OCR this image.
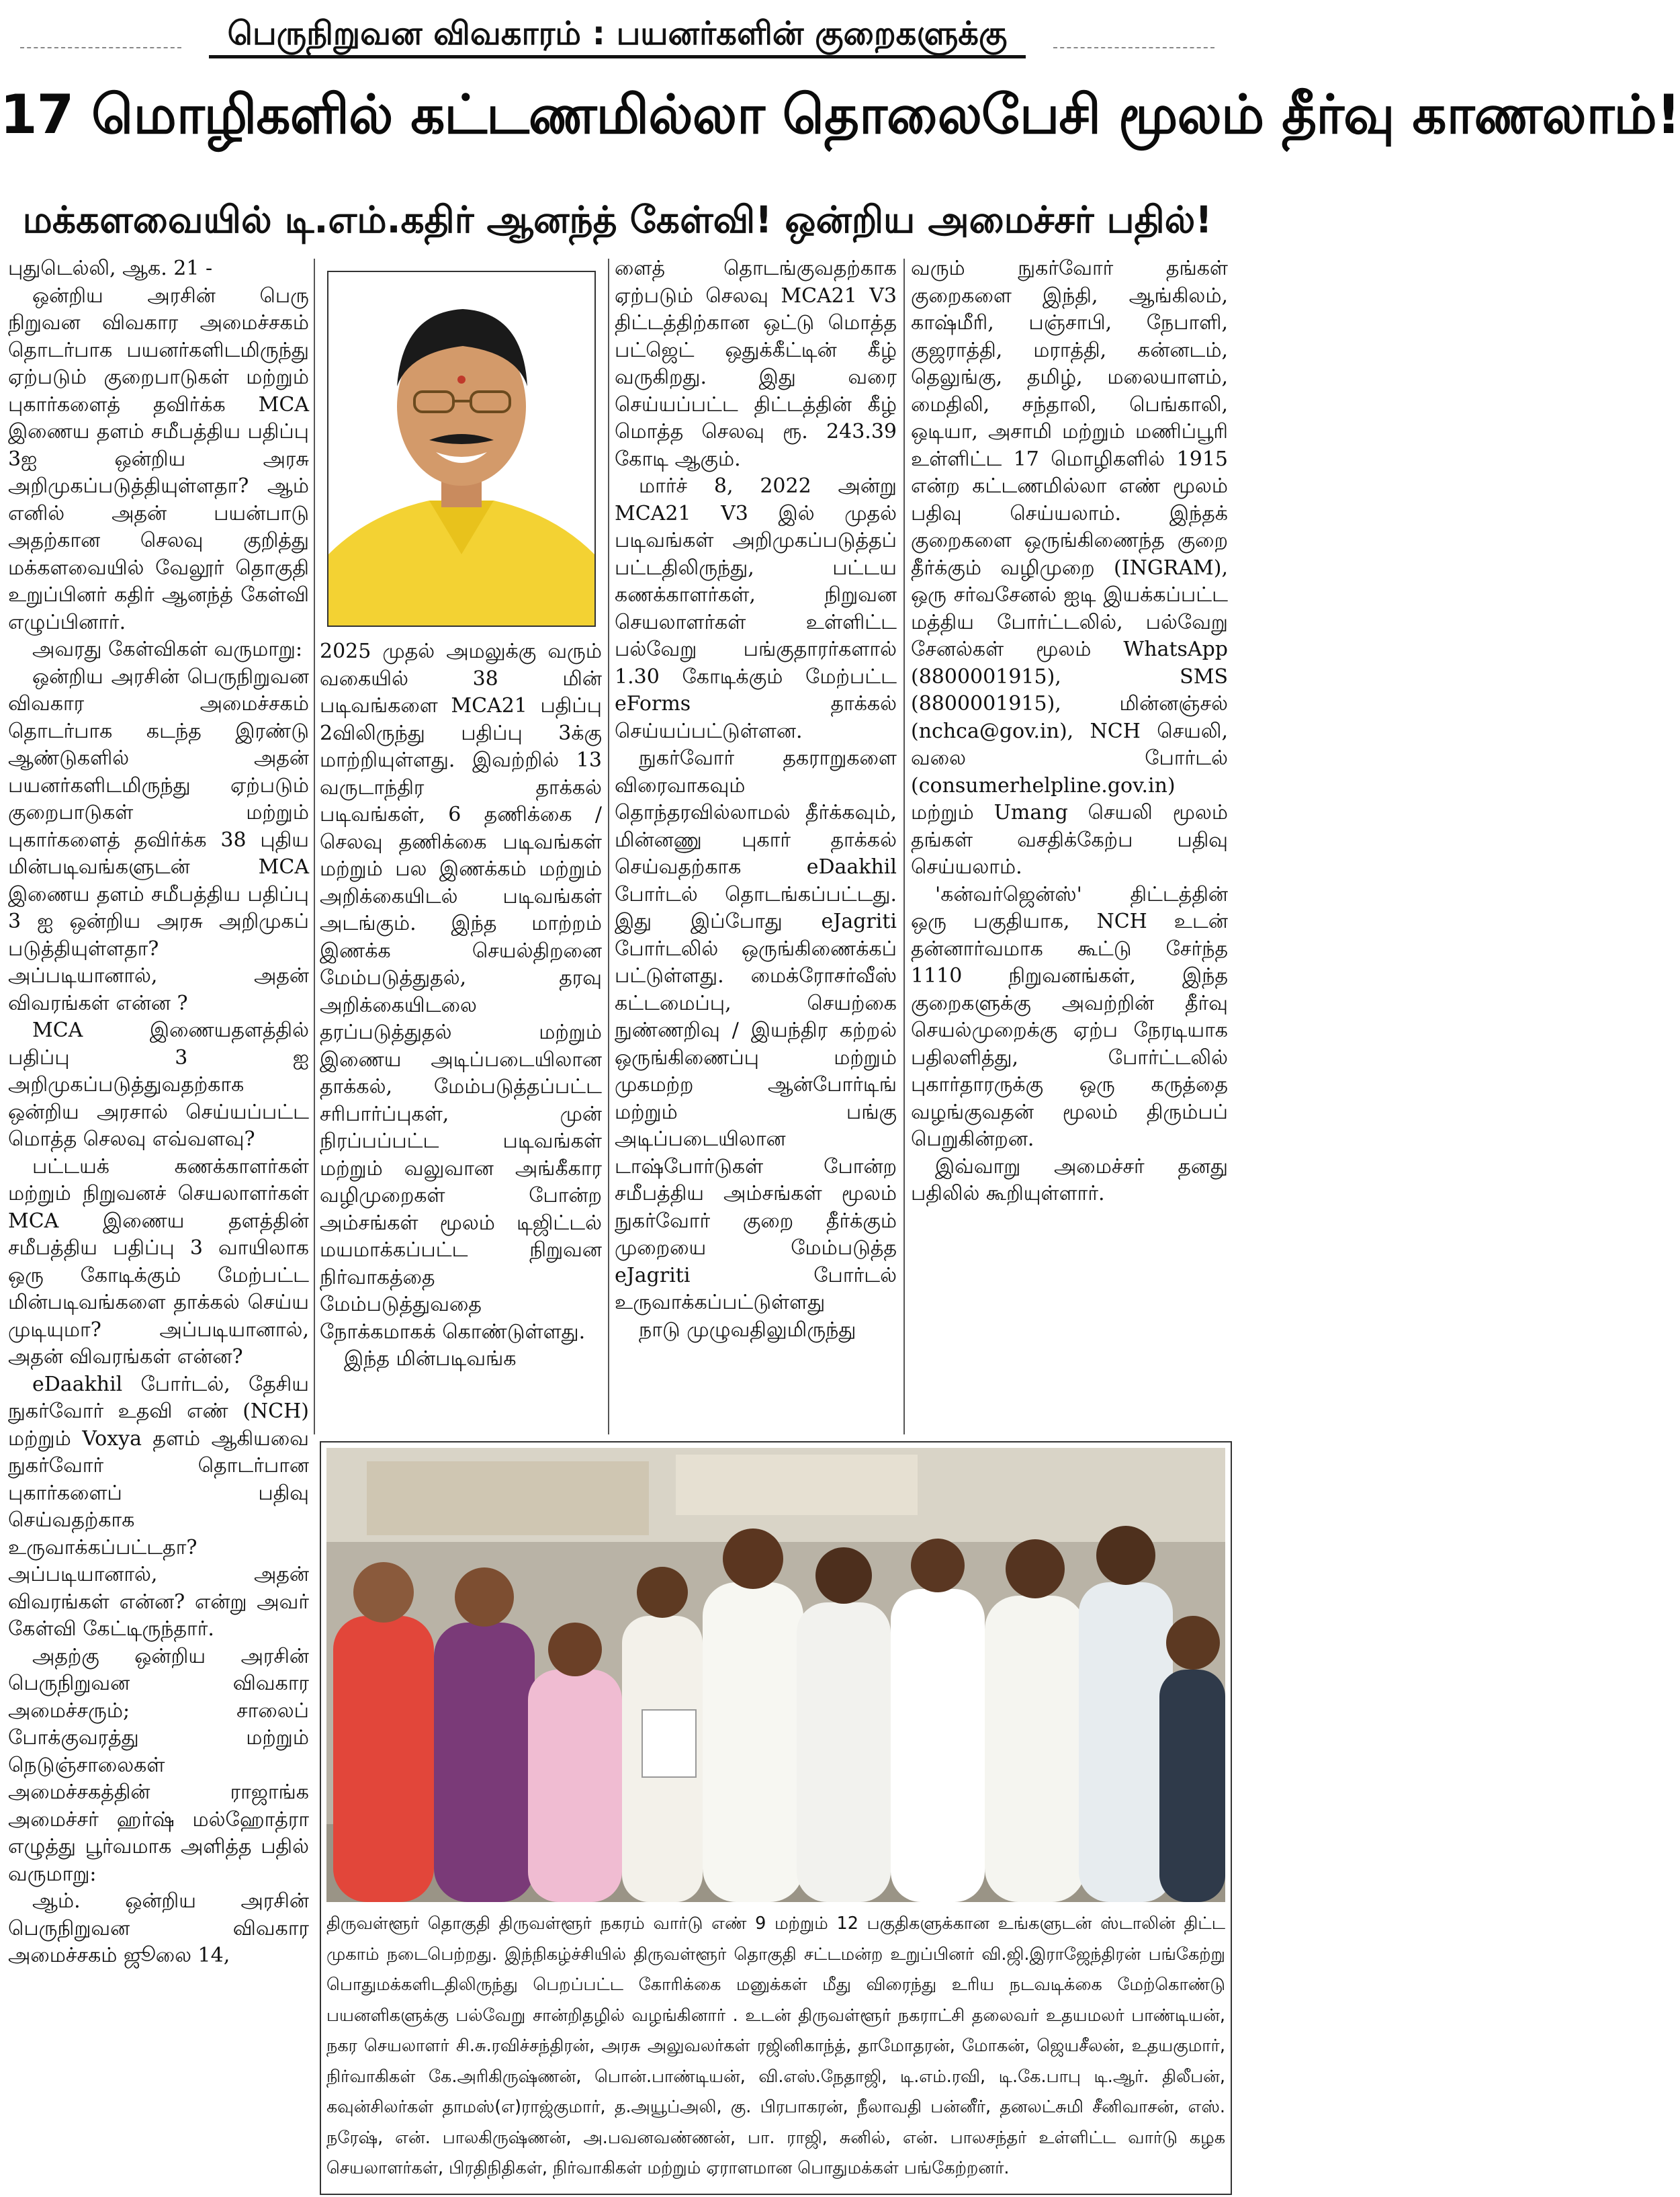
பெருநிறுவன விவகாரம் : பயனர்களின் குறைகளுக்கு
17 மொழிகளில் கட்டணமில்லா தொலைபேசி மூலம் தீர்வு காணலாம்!
மக்களவையில் டி.எம்.கதிர் ஆனந்த் கேள்வி! ஒன்றிய அமைச்சர் பதில்!

புதுடெல்லி, ஆக. 21 -

ஒன்றிய அரசின் பெரு நிறுவன விவகார அமைச்சகம் தொடர்பாக பயனர்களிடமிருந்து ஏற்படும் குறைபாடுகள் மற்றும் புகார்களைத் தவிர்க்க MCA இணைய தளம் சமீபத்திய பதிப்பு 3ஐ ஒன்றிய அரசு அறிமுகப்படுத்தியுள்ளதா? ஆம் எனில் அதன் பயன்பாடு அதற்கான செலவு குறித்து மக்களவையில் வேலூர் தொகுதி உறுப்பினர் கதிர் ஆனந்த் கேள்வி எழுப்பினார்.

அவரது கேள்விகள் வருமாறு:

ஒன்றிய அரசின் பெருநிறுவன விவகார அமைச்சகம் தொடர்பாக கடந்த இரண்டு ஆண்டுகளில் அதன் பயனர்களிடமிருந்து ஏற்படும் குறைபாடுகள் மற்றும் புகார்களைத் தவிர்க்க 38 புதிய மின்படிவங்களுடன் MCA இணைய தளம் சமீபத்திய பதிப்பு 3 ஐ ஒன்றிய அரசு அறிமுகப் படுத்தியுள்ளதா? அப்படியானால், அதன் விவரங்கள் என்ன ?

MCA இணையதளத்தில் பதிப்பு 3 ஐ அறிமுகப்படுத்துவதற்காக ஒன்றிய அரசால் செய்யப்பட்ட மொத்த செலவு எவ்வளவு?

பட்டயக் கணக்காளர்கள் மற்றும் நிறுவனச் செயலாளர்கள் MCA இணைய தளத்தின் சமீபத்திய பதிப்பு 3 வாயிலாக ஒரு கோடிக்கும் மேற்பட்ட மின்படிவங்களை தாக்கல் செய்ய முடியுமா? அப்படியானால், அதன் விவரங்கள் என்ன?

eDaakhil போர்டல், தேசிய நுகர்வோர் உதவி எண் (NCH) மற்றும் Voxya தளம் ஆகியவை நுகர்வோர் தொடர்பான புகார்களைப் பதிவு செய்வதற்காக உருவாக்கப்பட்டதா? அப்படியானால், அதன் விவரங்கள் என்ன? என்று அவர் கேள்வி கேட்டிருந்தார்.

அதற்கு ஒன்றிய அரசின் பெருநிறுவன விவகார அமைச்சரும்; சாலைப் போக்குவரத்து மற்றும் நெடுஞ்சாலைகள் அமைச்சகத்தின் ராஜாங்க அமைச்சர் ஹர்ஷ் மல்ஹோத்ரா எழுத்து பூர்வமாக அளித்த பதில் வருமாறு:

ஆம். ஒன்றிய அரசின் பெருநிறுவன விவகார அமைச்சகம் ஜூலை 14,

2025 முதல் அமலுக்கு வரும் வகையில் 38 மின் படிவங்களை MCA21 பதிப்பு 2விலிருந்து பதிப்பு 3க்கு மாற்றியுள்ளது. இவற்றில் 13 வருடாந்திர தாக்கல் படிவங்கள், 6 தணிக்கை /செலவு தணிக்கை படிவங்கள் மற்றும் பல இணக்கம் மற்றும் அறிக்கையிடல் படிவங்கள் அடங்கும். இந்த மாற்றம் இணக்க செயல்திறனை மேம்படுத்துதல், தரவு அறிக்கையிடலை தரப்படுத்துதல் மற்றும் இணைய அடிப்படையிலான தாக்கல், மேம்படுத்தப்பட்ட சரிபார்ப்புகள், முன் நிரப்பப்பட்ட படிவங்கள் மற்றும் வலுவான அங்கீகார வழிமுறைகள் போன்ற அம்சங்கள் மூலம் டிஜிட்டல் மயமாக்கப்பட்ட நிறுவன நிர்வாகத்தை மேம்படுத்துவதை நோக்கமாகக் கொண்டுள்ளது.

இந்த மின்படிவங்க

ளைத் தொடங்குவதற்காக ஏற்படும் செலவு MCA21 V3 திட்டத்திற்கான ஒட்டு மொத்த பட்ஜெட் ஒதுக்கீட்டின் கீழ் வருகிறது. இது வரை செய்யப்பட்ட திட்டத்தின் கீழ் மொத்த செலவு ரூ. 243.39 கோடி ஆகும்.

மார்ச் 8, 2022 அன்று MCA21 V3 இல் முதல் படிவங்கள் அறிமுகப்படுத்தப் பட்டதிலிருந்து, பட்டய கணக்காளர்கள், நிறுவன செயலாளர்கள் உள்ளிட்ட பல்வேறு பங்குதாரர்களால் 1.30 கோடிக்கும் மேற்பட்ட eForms தாக்கல் செய்யப்பட்டுள்ளன.

நுகர்வோர் தகராறுகளை விரைவாகவும் தொந்தரவில்லாமல் தீர்க்கவும், மின்னணு புகார் தாக்கல் செய்வதற்காக eDaakhil போர்டல் தொடங்கப்பட்டது. இது இப்போது eJagriti போர்டலில் ஒருங்கிணைக்கப் பட்டுள்ளது. மைக்ரோசர்வீஸ் கட்டமைப்பு, செயற்கை நுண்ணறிவு / இயந்திர கற்றல் ஒருங்கிணைப்பு மற்றும் முகமற்ற ஆன்போர்டிங் மற்றும் பங்கு அடிப்படையிலான டாஷ்போர்டுகள் போன்ற சமீபத்திய அம்சங்கள் மூலம் நுகர்வோர் குறை தீர்க்கும் முறையை மேம்படுத்த eJagriti போர்டல் உருவாக்கப்பட்டுள்ளது

நாடு முழுவதிலுமிருந்து

வரும் நுகர்வோர் தங்கள் குறைகளை இந்தி, ஆங்கிலம், காஷ்மீரி, பஞ்சாபி, நேபாளி, குஜராத்தி, மராத்தி, கன்னடம், தெலுங்கு, தமிழ், மலையாளம், மைதிலி, சந்தாலி, பெங்காலி, ஒடியா, அசாமி மற்றும் மணிப்பூரி உள்ளிட்ட 17 மொழிகளில் 1915 என்ற கட்டணமில்லா எண் மூலம் பதிவு செய்யலாம். இந்தக் குறைகளை ஒருங்கிணைந்த குறை தீர்க்கும் வழிமுறை (INGRAM), ஒரு சர்வசேனல் ஐடி இயக்கப்பட்ட மத்திய போர்ட்டலில், பல்வேறு சேனல்கள் மூலம் WhatsApp (8800001915), SMS (8800001915), மின்னஞ்சல் (nchca@gov.in), NCH செயலி, வலை போர்டல் (consumerhelpline.gov.in) மற்றும் Umang செயலி மூலம் தங்கள் வசதிக்கேற்ப பதிவு செய்யலாம்.

'கன்வர்ஜென்ஸ்' திட்டத்தின் ஒரு பகுதியாக, NCH உடன் தன்னார்வமாக கூட்டு சேர்ந்த 1110 நிறுவனங்கள், இந்த குறைகளுக்கு அவற்றின் தீர்வு செயல்முறைக்கு ஏற்ப நேரடியாக பதிலளித்து, போர்ட்டலில் புகார்தாரருக்கு ஒரு கருத்தை வழங்குவதன் மூலம் திரும்பப் பெறுகின்றன.

இவ்வாறு அமைச்சர் தனது பதிலில் கூறியுள்ளார்.

திருவள்ளூர் தொகுதி திருவள்ளூர் நகரம் வார்டு எண் 9 மற்றும் 12 பகுதிகளுக்கான உங்களுடன் ஸ்டாலின் திட்ட முகாம் நடைபெற்றது. இந்நிகழ்ச்சியில் திருவள்ளூர் தொகுதி சட்டமன்ற உறுப்பினர் வி.ஜி.இராஜேந்திரன் பங்கேற்று பொதுமக்களிடதிலிருந்து பெறப்பட்ட கோரிக்கை மனுக்கள் மீது விரைந்து உரிய நடவடிக்கை மேற்கொண்டு பயனளிகளுக்கு பல்வேறு சான்றிதழில் வழங்கினார் . உடன் திருவள்ளூர் நகராட்சி தலைவர் உதயமலர் பாண்டியன், நகர செயலாளர் சி.சு.ரவிச்சந்திரன், அரசு அலுவலர்கள் ரஜினிகாந்த், தாமோதரன், மோகன், ஜெயசீலன், உதயகுமார், நிர்வாகிகள் கே.அரிகிருஷ்ணன், பொன்.பாண்டியன், வி.எஸ்.நேதாஜி, டி.எம்.ரவி, டி.கே.பாபு டி.ஆர். திலீபன், கவுன்சிலர்கள் தாமஸ்(எ)ராஜ்குமார், த.அயூப்அலி, கு. பிரபாகரன், நீலாவதி பன்னீர், தனலட்சுமி சீனிவாசன், எஸ். நரேஷ், என். பாலகிருஷ்ணன், அ.பவனவண்ணன், பா. ராஜி, சுனில், என். பாலசந்தர் உள்ளிட்ட வார்டு கழக செயலாளர்கள், பிரதிநிதிகள், நிர்வாகிகள் மற்றும் ஏராளமான பொதுமக்கள் பங்கேற்றனர்.
